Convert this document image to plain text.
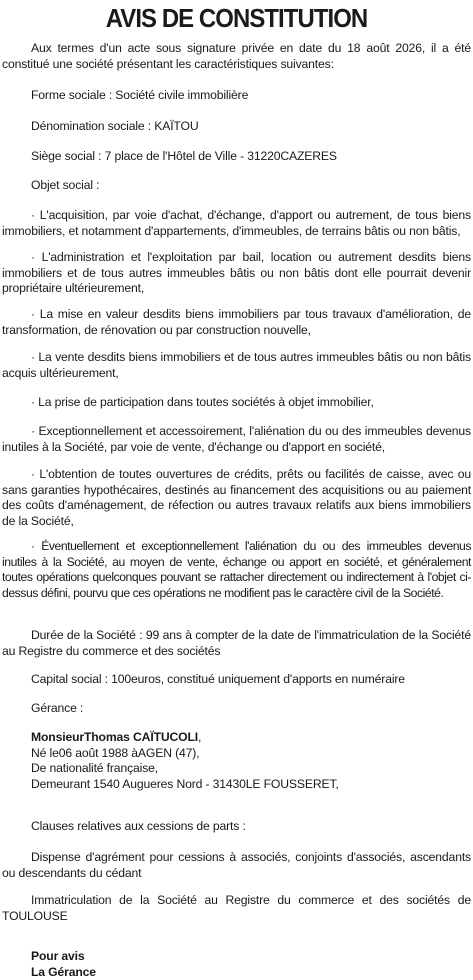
AVIS DE CONSTITUTION
Aux termes d'un acte sous signature privée en date du 18 août 2026, il a été constitué une société présentant les caractéristiques suivantes:
Forme sociale : Société civile immobilière
Dénomination sociale : KAÏTOU
Siège social : 7 place de l'Hôtel de Ville - 31220CAZERES
Objet social :
· L'acquisition, par voie d'achat, d'échange, d'apport ou autrement, de tous biens immobiliers, et notamment d'appartements, d'immeubles, de terrains bâtis ou non bâtis,
· L'administration et l'exploitation par bail, location ou autrement desdits biens immobiliers et de tous autres immeubles bâtis ou non bâtis dont elle pourrait devenir propriétaire ultérieurement,
· La mise en valeur desdits biens immobiliers par tous travaux d'amélioration, de transformation, de rénovation ou par construction nouvelle,
· La vente desdits biens immobiliers et de tous autres immeubles bâtis ou non bâtis acquis ultérieurement,
· La prise de participation dans toutes sociétés à objet immobilier,
· Exceptionnellement et accessoirement, l'aliénation du ou des immeubles devenus inutiles à la Société, par voie de vente, d'échange ou d'apport en société,
· L'obtention de toutes ouvertures de crédits, prêts ou facilités de caisse, avec ou sans garanties hypothécaires, destinés au financement des acquisitions ou au paiement des coûts d'aménagement, de réfection ou autres travaux relatifs aux biens immobiliers de la Société,
· Éventuellement et exceptionnellement l'aliénation du ou des immeubles devenus inutiles à la Société, au moyen de vente, échange ou apport en société, et généralement toutes opérations quelconques pouvant se rattacher directement ou indirectement à l'objet ci-dessus défini, pourvu que ces opérations ne modifient pas le caractère civil de la Société.
Durée de la Société : 99 ans à compter de la date de l'immatriculation de la Société au Registre du commerce et des sociétés
Capital social : 100euros, constitué uniquement d'apports en numéraire
Gérance :
MonsieurThomas CAÏTUCOLI,
Né le06 août 1988 àAGEN (47),
De nationalité française,
Demeurant 1540 Augueres Nord - 31430LE FOUSSERET,
Clauses relatives aux cessions de parts :
Dispense d'agrément pour cessions à associés, conjoints d'associés, ascendants ou descendants du cédant
Immatriculation de la Société au Registre du commerce et des sociétés de TOULOUSE
Pour avis
La Gérance
